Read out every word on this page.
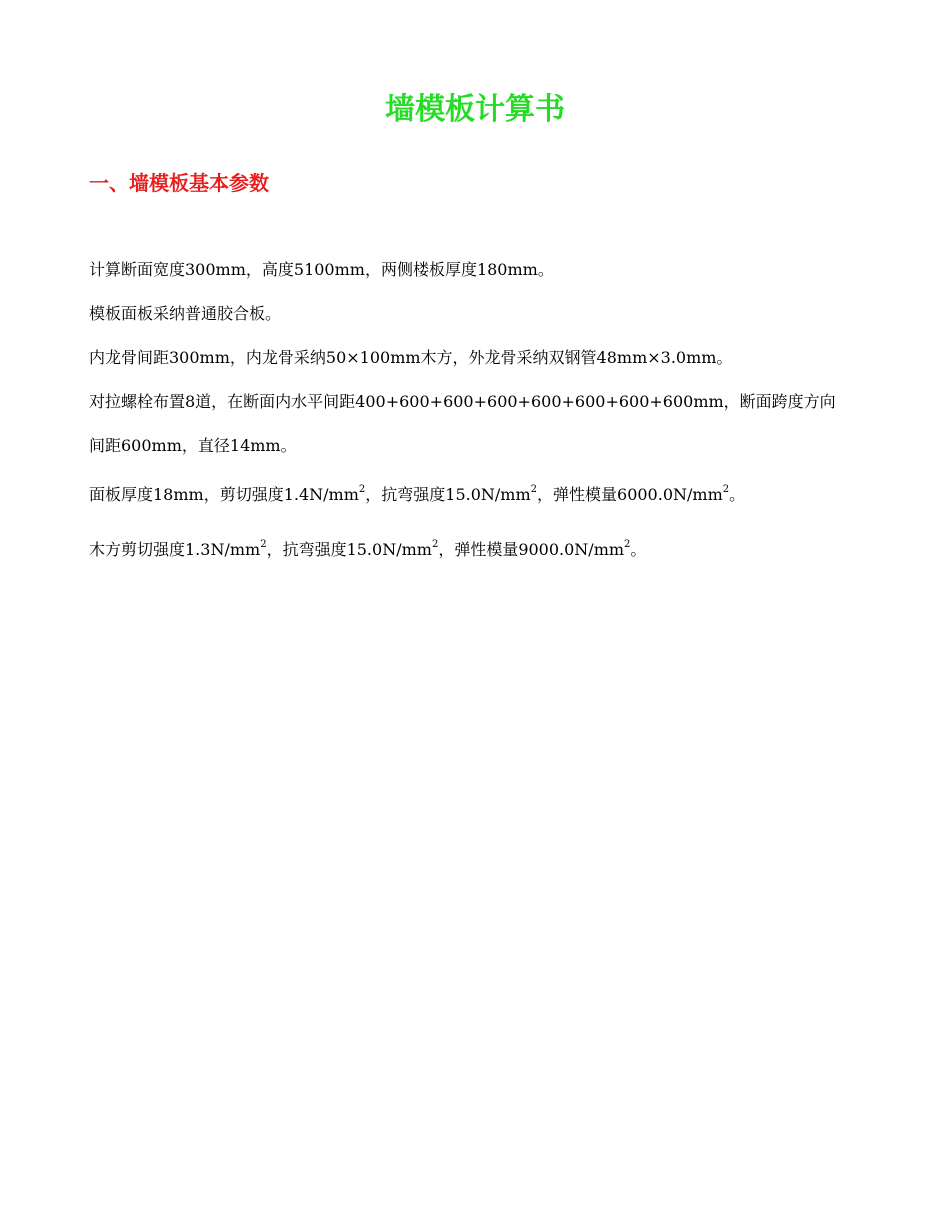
墙模板计算书
一、墙模板基本参数

计算断面宽度300mm，高度5100mm，两侧楼板厚度180mm。

模板面板采纳普通胶合板。

内龙骨间距300mm，内龙骨采纳50×100mm木方，外龙骨采纳双钢管48mm×3.0mm。

对拉螺栓布置8道，在断面内水平间距400+600+600+600+600+600+600+600mm，断面跨度方向
间距600mm，直径14mm。

面板厚度18mm，剪切强度$1.4N/mm^2$，抗弯强度$15.0N/mm^2$，弹性模量$6000.0N/mm^2$。

木方剪切强度$1.3N/mm^2$，抗弯强度$15.0N/mm^2$，弹性模量$9000.0N/mm^2$。
